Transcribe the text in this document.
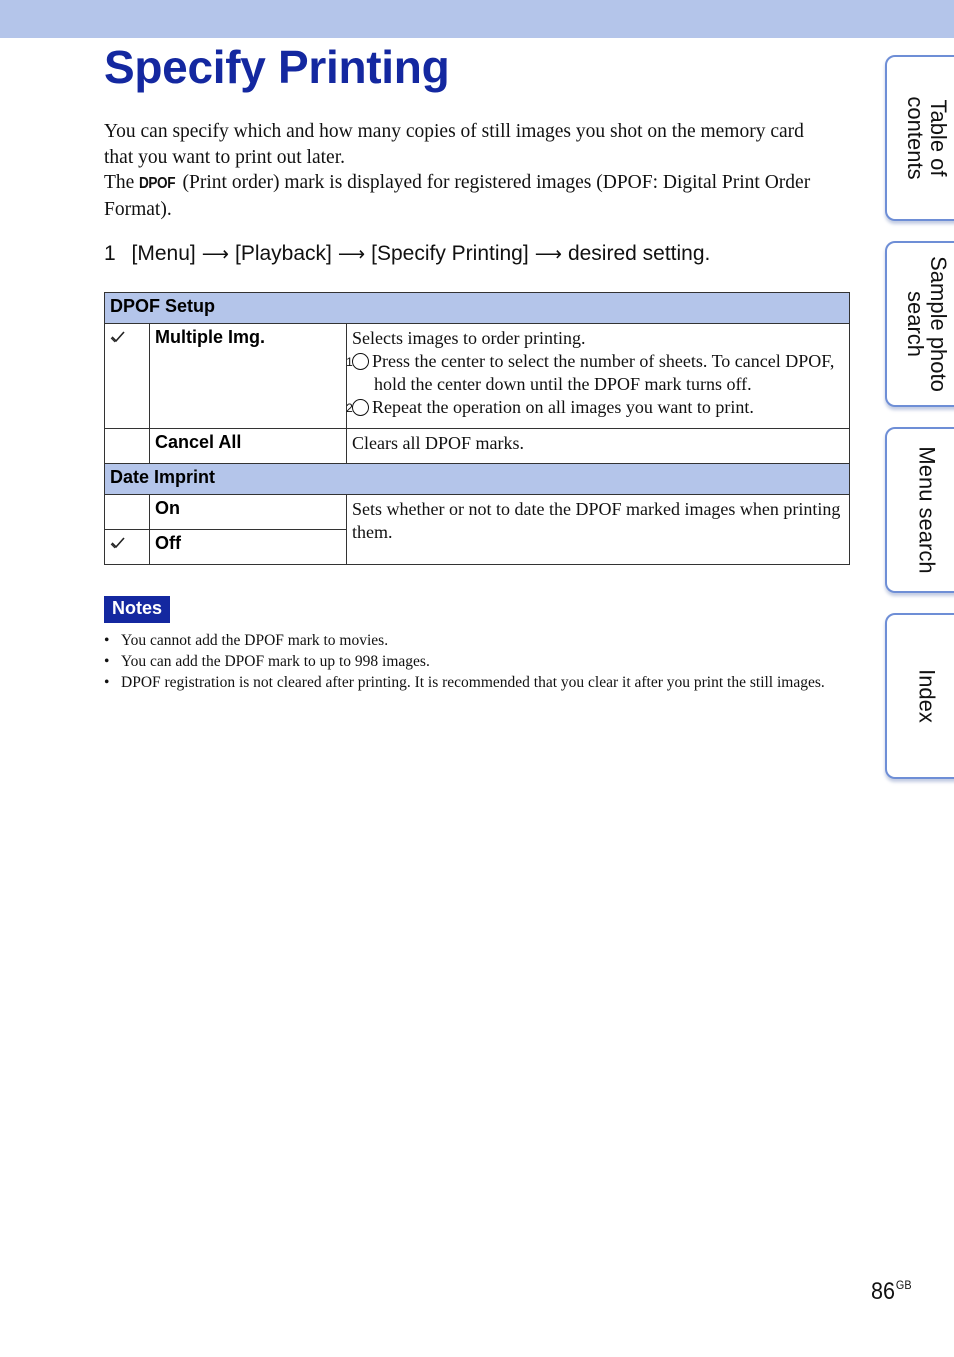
Specify Printing

You can specify which and how many copies of still images you shot on the memory card that you want to print out later.
The DPOF (Print order) mark is displayed for registered images (DPOF: Digital Print Order Format).

1 [Menu] ⟶ [Playback] ⟶ [Specify Printing] ⟶ desired setting.
DPOF Setup		
	Multiple Img.	Selects images to order printing.
1 Press the center to select the number of sheets. To cancel DPOF, hold the center down until the DPOF mark turns off.
2 Repeat the operation on all images you want to print.

	Cancel All	Clears all DPOF marks.
Date Imprint		
	On	Sets whether or not to date the DPOF marked images when printing them.
	Off	
Notes
• You cannot add the DPOF mark to movies.
• You can add the DPOF mark to up to 998 images.
• DPOF registration is not cleared after printing. It is recommended that you clear it after you print the still images.
Table of
contents
Sample photo
search
Menu search
Index
$86^{GB}$
